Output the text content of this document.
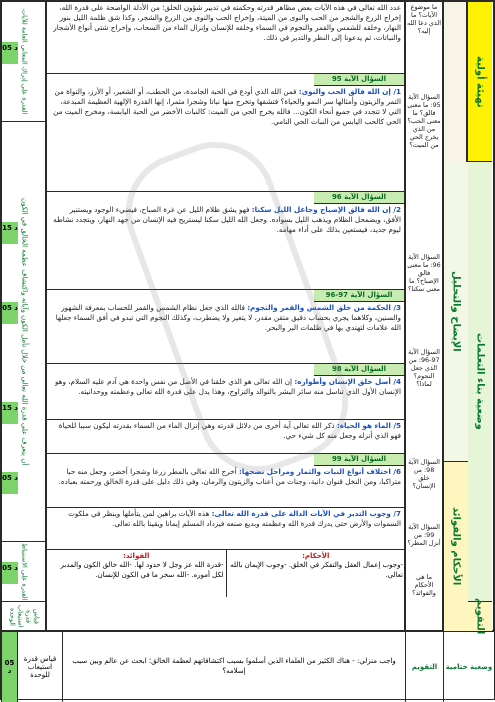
تهيئة أولية
وضعية بناء التعلمات
التقويم
الإيضاح والتحليل
الأحكام والفوائد
ما موضوع الآيات؟ ما الذي دعا الله إليه؟
السؤال الآية 95: ما معنى فالق؟ ما معنى الحب؟ من الذي يخرج الحي من الميت؟
السؤال الآية 96: ما معنى فالق الإصباح؟ ما معنى سكنا؟
السؤال الآية 97-96: من الذي جعل النجوم؟ لماذا؟
السؤال الآية 98: من خلق الإنسان؟
السؤال الآية 99: من أنزل المطر؟
ما هي الأحكام والفوائد؟
عدد الله تعالى في هذه الآيات بعض مظاهر قدرته وحكمته في تدبير شؤون الخلق؛ من الأدلة الواضحة على قدرة الله، إخراج الزرع والشجر من الحب والنوى من الميتة، وإخراج الحب والنوى من الزرع والشجر، وكذا شق ظلمة الليل بنور النهار، وخلقه للشمس والقمر والنجوم في السماء وخلقه للإنسان وإنزال الماء من السحاب، وإخراج شتى أنواع الأشجار والنباتات، ثم يدعونا إلى النظر والتدبر في ذلك.
السؤال الآية 95
1/ إن الله فالق الحب والنوى: فمن الله الذي أودع في الحبة الجامدة، من الحطب، أو الشعير، أو الأرز، والنواة من التمر والزيتون وأمثالها سر النمو والحياة؟ فتشقها وتخرج منها نباتا وشجرا مثمرا، إنها القدرة الإلهية العظيمة المبدعة، التي لا تتجدد في جميع أنحاء الكون... فالله يخرج الحي من الميت: كالنبات الأخضر من الحبة اليابسة، ومخرج الميت من الحي كالحب اليابس من النبات الحي النامي.
السؤال الآية 96
2/ إن الله فالق الإصباح وجاعل الليل سكنا: فهو يشق ظلام الليل عن غرة الصباح، فيضيء الوجود ويستنير الأفق، ويضمحل الظلام ويذهب الليل بسواده. وجعل الله الليل سكنا ليستريح فيه الإنسان من جهد النهار، ويتجدد نشاطه ليوم جديد، فيستعين بذلك على أداء مهامه.
السؤال الآية 97-96
3/ الحكمة من خلق الشمس والقمر والنجوم: فالله الذي جعل نظام الشمس والقمر للحساب بمعرفة الشهور والسنين، وكلاهما يجري بحساب دقيق متقن مقدر، لا يتغير ولا يضطرب، وكذلك النجوم التي تبدو في أفق السماء جعلها الله علامات لتهتدي بها في ظلمات البر والبحر.
السؤال الآية 98
4/ أصل خلق الإنسان وأطواره: إن الله تعالى هو الذي خلقنا في الأصل من نفس واحدة هي آدم عليه السلام، وهو الإنسان الأول الذي تناسل منه سائر البشر بالتوالد والتزاوج، وهذا يدل على قدرة الله تعالى وعظمته ووحدانيته.
5/ الماء هو الحياة: ذكر الله تعالى آية أخرى من دلائل قدرته وهي إنزال الماء من السماء بقدرته ليكون سببا للحياة فهو الذي أنزله وجعل منه كل شيء حي.
السؤال الآية 99
6/ اختلاف أنواع النبات والثمار ومراحل نضجها: أخرج الله تعالى بالمطر زرعا وشجرا أخضر، وجعل منه حبا متراكبا، ومن النخل قنوان دانية، وجنات من أعناب والزيتون والرمان، وفي ذلك دليل على قدرة الخالق ورحمته بعباده.
7/ وجوب التدبر في الآيات الدالة على قدرة الله تعالى: هذه الآيات براهين لمن يتأملها وينظر في ملكوت السموات والأرض حتى يدرك قدرة الله وعظمته وبديع صنعه فيزداد المسلم إيمانا ويقينا بالله تعالى.
الأحكام:
-وجوب إعمال العقل والتفكر في الخلق. -وجوب الإيمان بالله تعالى.
الفوائد:
-قدرة الله عز وجل لا حدود لها. -الله خالق الكون والمدبر لكل أموره. -الله سخر ما في الكون للإنسان.
القدرة على إدراك المعاني العامة للآيات
أن يتعرف على قدرة الله تعالى من خلال تأمل الكون وآياته واكتشاف عظمة الخالق في الكون
القدرة على الاستنباط
قياس قدرة استيعاب الوحدة
05 د
15 د
05 د
15 د
05 د
05 د
وضعية ختامية
التقويم
واجب منزلي: - هناك الكثير من العلماء الذين أسلموا بسبب اكتشافاتهم لعظمة الخالق؛ ابحث عن عالم وبين سبب إسلامه؟
قياس قدرة استيعاب للوحدة
05 د
